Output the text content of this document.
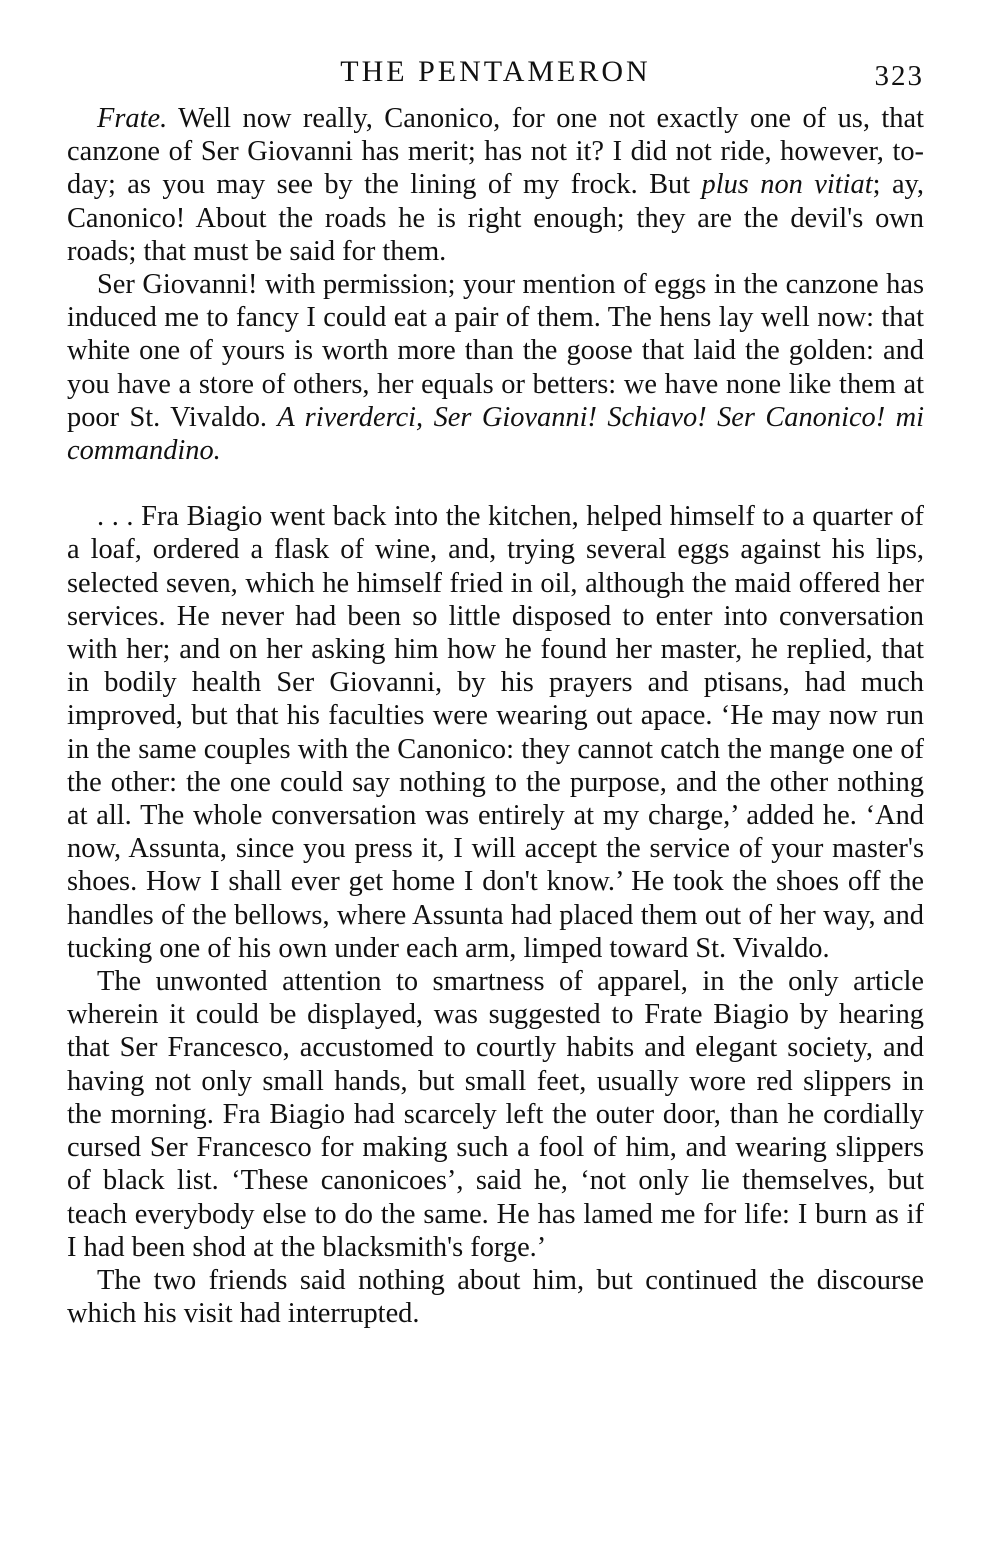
THE PENTAMERON	323

Frate. Well now really, Canonico, for one not exactly one of us, that canzone of Ser Giovanni has merit; has not it? I did not ride, however, to-day; as you may see by the lining of my frock. But plus non vitiat; ay, Canonico! About the roads he is right enough; they are the devil's own roads; that must be said for them.

Ser Giovanni! with permission; your mention of eggs in the canzone has induced me to fancy I could eat a pair of them. The hens lay well now: that white one of yours is worth more than the goose that laid the golden: and you have a store of others, her equals or betters: we have none like them at poor St. Vivaldo. A riverderci, Ser Giovanni! Schiavo! Ser Canonico! mi commandino.

. . . Fra Biagio went back into the kitchen, helped himself to a quarter of a loaf, ordered a flask of wine, and, trying several eggs against his lips, selected seven, which he himself fried in oil, although the maid offered her services. He never had been so little disposed to enter into conversation with her; and on her asking him how he found her master, he replied, that in bodily health Ser Giovanni, by his prayers and ptisans, had much improved, but that his faculties were wearing out apace. ‘He may now run in the same couples with the Canonico: they cannot catch the mange one of the other: the one could say nothing to the purpose, and the other nothing at all. The whole conversation was entirely at my charge,’ added he. ‘And now, Assunta, since you press it, I will accept the service of your master's shoes. How I shall ever get home I don't know.’ He took the shoes off the handles of the bellows, where Assunta had placed them out of her way, and tucking one of his own under each arm, limped toward St. Vivaldo.

The unwonted attention to smartness of apparel, in the only article wherein it could be displayed, was suggested to Frate Biagio by hearing that Ser Francesco, accustomed to courtly habits and elegant society, and having not only small hands, but small feet, usually wore red slippers in the morning. Fra Biagio had scarcely left the outer door, than he cordially cursed Ser Francesco for making such a fool of him, and wearing slippers of black list. ‘These canonicoes’, said he, ‘not only lie themselves, but teach everybody else to do the same. He has lamed me for life: I burn as if I had been shod at the blacksmith's forge.’

The two friends said nothing about him, but continued the discourse which his visit had interrupted.
